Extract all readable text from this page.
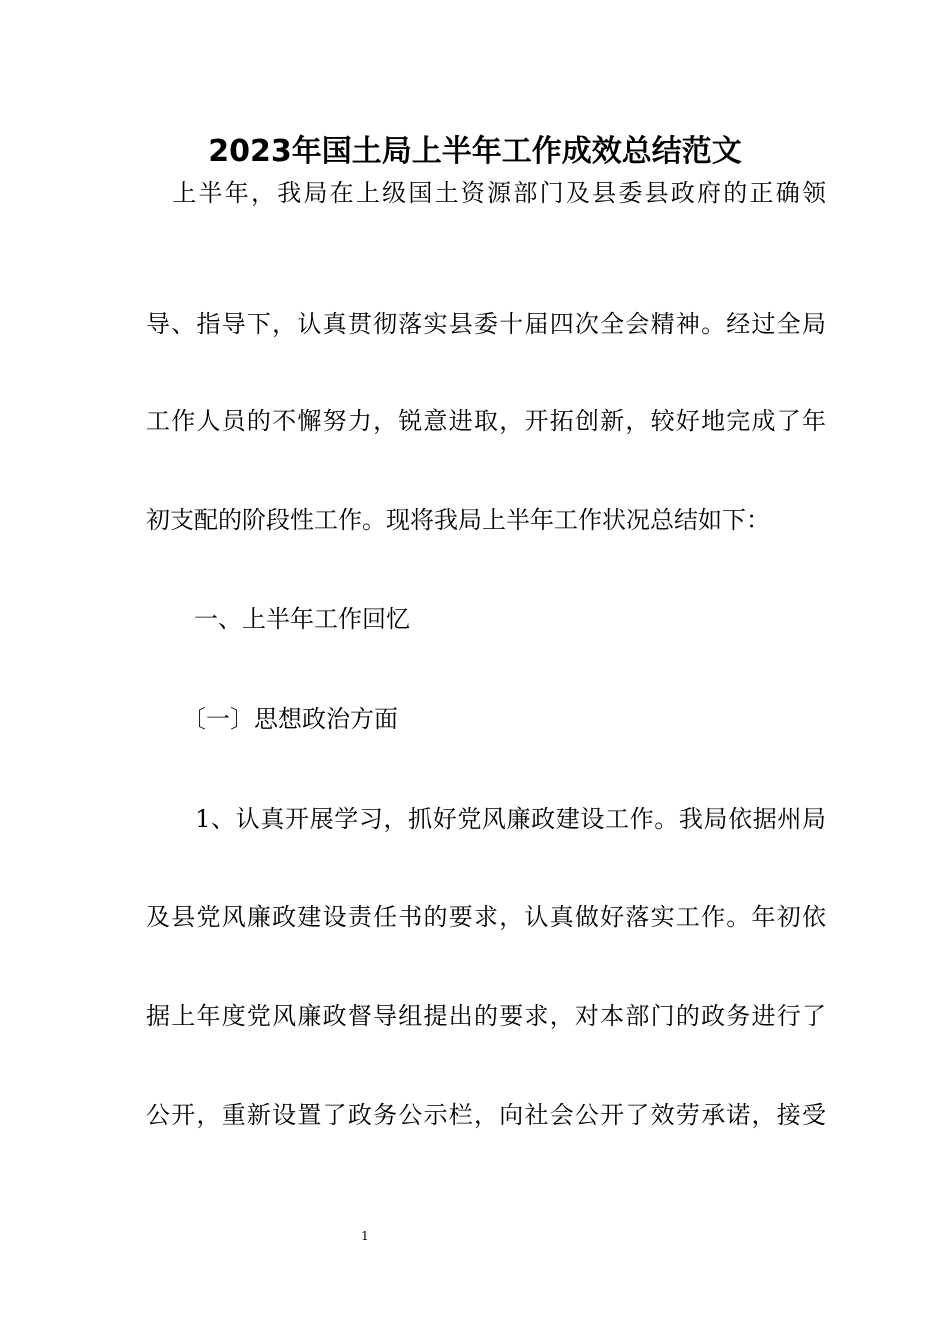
2023年国土局上半年工作成效总结范文
　上半年，我局在上级国土资源部门及县委县政府的正确领
导、指导下，认真贯彻落实县委十届四次全会精神。经过全局
工作人员的不懈努力，锐意进取，开拓创新，较好地完成了年
初支配的阶段性工作。现将我局上半年工作状况总结如下：
　　一、上半年工作回忆
　　〔一〕思想政治方面
　　1、认真开展学习，抓好党风廉政建设工作。我局依据州局
及县党风廉政建设责任书的要求，认真做好落实工作。年初依
据上年度党风廉政督导组提出的要求，对本部门的政务进行了
公开，重新设置了政务公示栏，向社会公开了效劳承诺，接受
1
